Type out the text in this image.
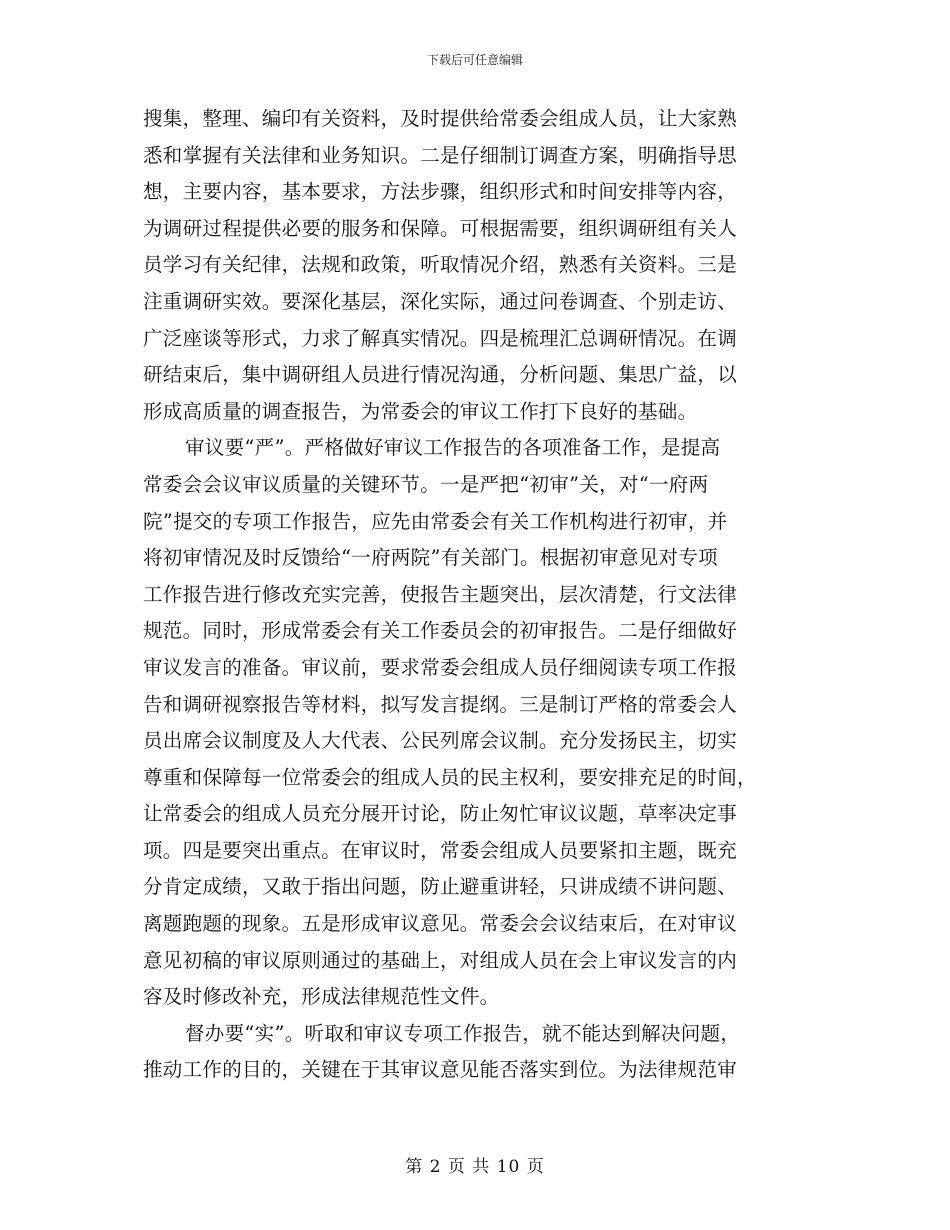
下载后可任意编辑
搜集，整理、编印有关资料，及时提供给常委会组成人员，让大家熟
悉和掌握有关法律和业务知识。二是仔细制订调查方案，明确指导思
想，主要内容，基本要求，方法步骤，组织形式和时间安排等内容，
为调研过程提供必要的服务和保障。可根据需要，组织调研组有关人
员学习有关纪律，法规和政策，听取情况介绍，熟悉有关资料。三是
注重调研实效。要深化基层，深化实际，通过问卷调查、个别走访、
广泛座谈等形式，力求了解真实情况。四是梳理汇总调研情况。在调
研结束后，集中调研组人员进行情况沟通，分析问题、集思广益，以
形成高质量的调查报告，为常委会的审议工作打下良好的基础。
审议要“严”。严格做好审议工作报告的各项准备工作，是提高
常委会会议审议质量的关键环节。一是严把“初审”关，对“一府两
院”提交的专项工作报告，应先由常委会有关工作机构进行初审，并
将初审情况及时反馈给“一府两院”有关部门。根据初审意见对专项
工作报告进行修改充实完善，使报告主题突出，层次清楚，行文法律
规范。同时，形成常委会有关工作委员会的初审报告。二是仔细做好
审议发言的准备。审议前，要求常委会组成人员仔细阅读专项工作报
告和调研视察报告等材料，拟写发言提纲。三是制订严格的常委会人
员出席会议制度及人大代表、公民列席会议制。充分发扬民主，切实
尊重和保障每一位常委会的组成人员的民主权利，要安排充足的时间，
让常委会的组成人员充分展开讨论，防止匆忙审议议题，草率决定事
项。四是要突出重点。在审议时，常委会组成人员要紧扣主题，既充
分肯定成绩，又敢于指出问题，防止避重讲轻，只讲成绩不讲问题、
离题跑题的现象。五是形成审议意见。常委会会议结束后，在对审议
意见初稿的审议原则通过的基础上，对组成人员在会上审议发言的内
容及时修改补充，形成法律规范性文件。
督办要“实”。听取和审议专项工作报告，就不能达到解决问题，
推动工作的目的，关键在于其审议意见能否落实到位。为法律规范审
第 2 页 共 10 页
